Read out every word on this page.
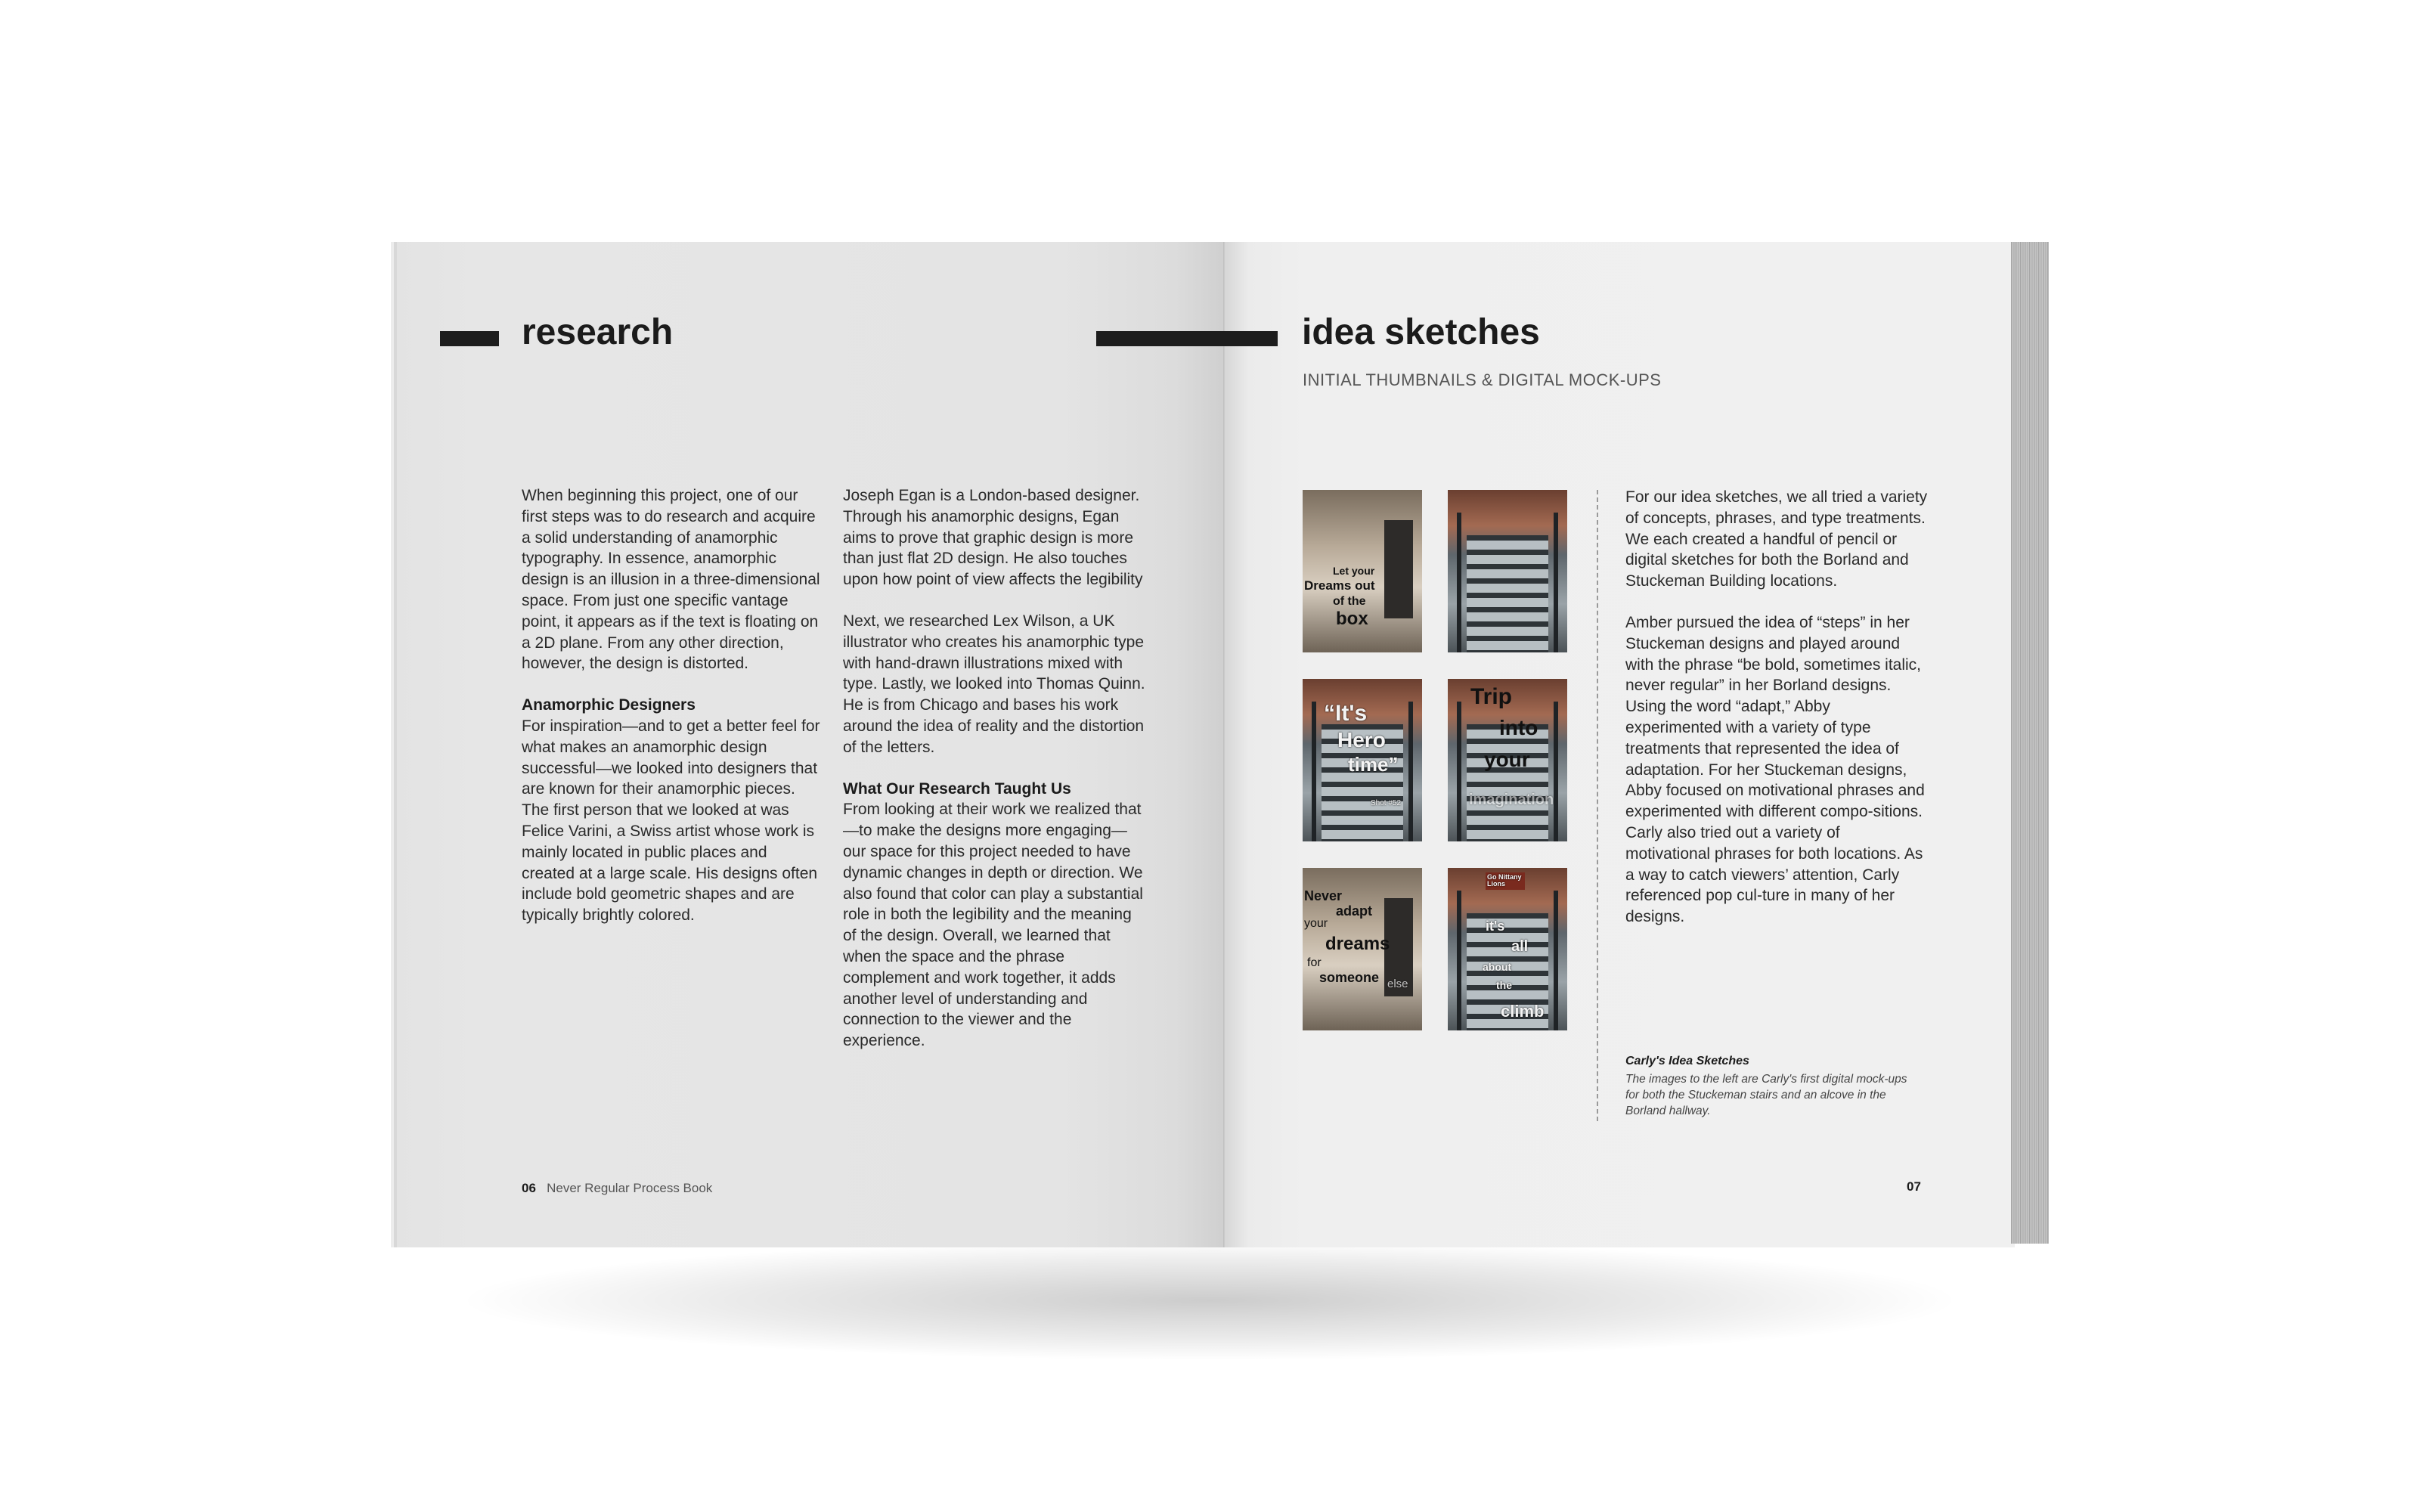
research

When beginning this project, one of our first steps was to do research and acquire a solid understanding of anamorphic typography. In essence, anamorphic design is an illusion in a three-dimensional space. From just one specific vantage point, it appears as if the text is floating on a 2D plane. From any other direction, however, the design is distorted.

Anamorphic Designers

For inspiration—and to get a better feel for what makes an anamorphic design successful—we looked into designers that are known for their anamorphic pieces. The first person that we looked at was Felice Varini, a Swiss artist whose work is mainly located in public places and created at a large scale. His designs often include bold geometric shapes and are typically brightly colored.

Joseph Egan is a London-based designer. Through his anamorphic designs, Egan aims to prove that graphic design is more than just flat 2D design. He also touches upon how point of view affects the legibility

Next, we researched Lex Wilson, a UK illustrator who creates his anamorphic type with hand-drawn illustrations mixed with type. Lastly, we looked into Thomas Quinn. He is from Chicago and bases his work around the idea of reality and the distortion of the letters.

What Our Research Taught Us

From looking at their work we realized that—to make the designs more engaging—our space for this project needed to have dynamic changes in depth or direction. We also found that color can play a substantial role in both the legibility and the meaning of the design. Overall, we learned that when the space and the phrase complement and work together, it adds another level of understanding and connection to the viewer and the experience.

06 Never Regular Process Book
idea sketches
INITIAL THUMBNAILS & DIGITAL MOCK-UPS
Let your
Dreams out
of the
box
“It's
Hero
time”
Shot #52
Trip
into
your
imagination
Never
adapt
your
dreams
for
someone else
Go Nittany Lions
it's
all
about
the
climb

For our idea sketches, we all tried a variety of concepts, phrases, and type treatments. We each created a handful of pencil or digital sketches for both the Borland and Stuckeman Building locations.

Amber pursued the idea of “steps” in her Stuckeman designs and played around with the phrase “be bold, sometimes italic, never regular” in her Borland designs. Using the word “adapt,” Abby experimented with a variety of type treatments that represented the idea of adaptation. For her Stuckeman designs, Abby focused on motivational phrases and experimented with different compo-sitions. Carly also tried out a variety of motivational phrases for both locations. As a way to catch viewers’ attention, Carly referenced pop cul-ture in many of her designs.

Carly's Idea Sketches
The images to the left are Carly's first digital mock-ups for both the Stuckeman stairs and an alcove in the Borland hallway.
07
